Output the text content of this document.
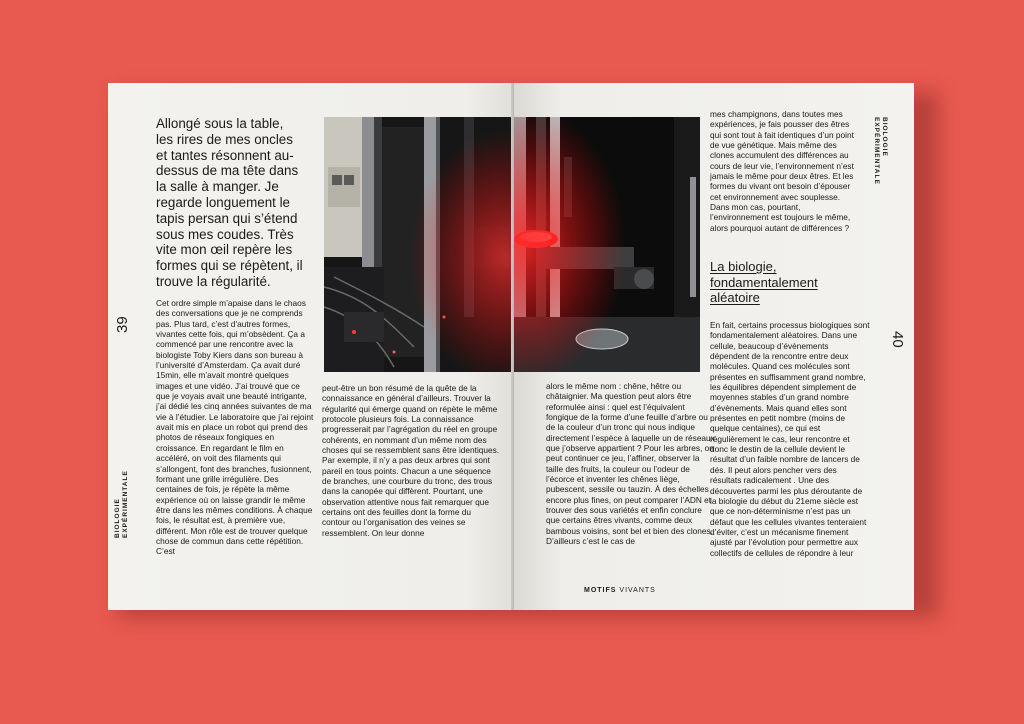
BIOLOGIE
EXPÉRIMENTALE
39
Allongé sous la table, les rires de mes oncles et tantes résonnent au-dessus de ma tête dans la salle à manger. Je regarde longuement le tapis persan qui s’étend sous mes coudes. Très vite mon œil repère les formes qui se répètent, il trouve la régularité.
Cet ordre simple m’apaise dans le chaos des conversations que je ne comprends pas. Plus tard, c’est d’autres formes, vivantes cette fois, qui m’obsèdent. Ça a commencé par une rencontre avec la biologiste Toby Kiers dans son bureau à l’université d’Amsterdam. Ça avait duré 15min, elle m’avait montré quelques images et une vidéo. J’ai trouvé que ce que je voyais avait une beauté intrigante, j’ai dédié les cinq années suivantes de ma vie à l’étudier. Le laboratoire que j’ai rejoint avait mis en place un robot qui prend des photos de réseaux fongiques en croissance. En regardant le film en accéléré, on voit des filaments qui s’allongent, font des branches, fusionnent, formant une grille irrégulière. Des centaines de fois, je répète la même expérience où on laisse grandir le même être dans les mêmes conditions. À chaque fois, le résultat est, à première vue, différent. Mon rôle est de trouver quelque chose de commun dans cette répétition. C’est
peut-être un bon résumé de la quête de la connaissance en général d’ailleurs. Trouver la régularité qui émerge quand on répète le même protocole plusieurs fois. La connaissance progresserait par l’agrégation du réel en groupe cohérents, en nommant d’un même nom des choses qui se ressemblent sans être identiques. Par exemple, il n’y a pas deux arbres qui sont pareil en tous points. Chacun a une séquence de branches, une courbure du tronc, des trous dans la canopée qui diffèrent. Pourtant, une observation attentive nous fait remarquer que certains ont des feuilles dont la forme du contour ou l’organisation des veines se ressemblent. On leur donne
BIOLOGIE
EXPÉRIMENTALE
40
alors le même nom : chêne, hêtre ou châtaignier. Ma question peut alors être reformulée ainsi : quel est l’équivalent fongique de la forme d’une feuille d’arbre ou de la couleur d’un tronc qui nous indique directement l’espèce à laquelle un de réseaux que j’observe appartient ? Pour les arbres, on peut continuer ce jeu, l’affiner, observer la taille des fruits, la couleur ou l’odeur de l’écorce et inventer les chênes liège, pubescent, sessile ou tauzin. À des échelles encore plus fines, on peut comparer l’ADN et trouver des sous variétés et enfin conclure que certains êtres vivants, comme deux bambous voisins, sont bel et bien des clones. D’ailleurs c’est le cas de
mes champignons, dans toutes mes expériences, je fais pousser des êtres qui sont tout à fait identiques d’un point de vue génétique. Mais même des clones accumulent des différences au cours de leur vie, l’environnement n’est jamais le même pour deux êtres. Et les formes du vivant ont besoin d’épouser cet environnement avec souplesse. Dans mon cas, pourtant, l’environnement est toujours le même, alors pourquoi autant de différences ?
La biologie, fondamentalement aléatoire
En fait, certains processus biologiques sont fondamentalement aléatoires. Dans une cellule, beaucoup d’évènements dépendent de la rencontre entre deux molécules. Quand ces molécules sont présentes en suffisamment grand nombre, les équilibres dépendent simplement de moyennes stables d’un grand nombre d’évènements. Mais quand elles sont présentes en petit nombre (moins de quelque centaines), ce qui est régulièrement le cas, leur rencontre et donc le destin de la cellule devient le résultat d’un faible nombre de lancers de dés. Il peut alors pencher vers des résultats radicalement . Une des découvertes parmi les plus déroutante de la biologie du début du 21eme siècle est que ce non-déterminisme n’est pas un défaut que les cellules vivantes tenteraient d’éviter, c’est un mécanisme finement ajusté par l’évolution pour permettre aux collectifs de cellules de répondre à leur
MOTIFS VIVANTS
